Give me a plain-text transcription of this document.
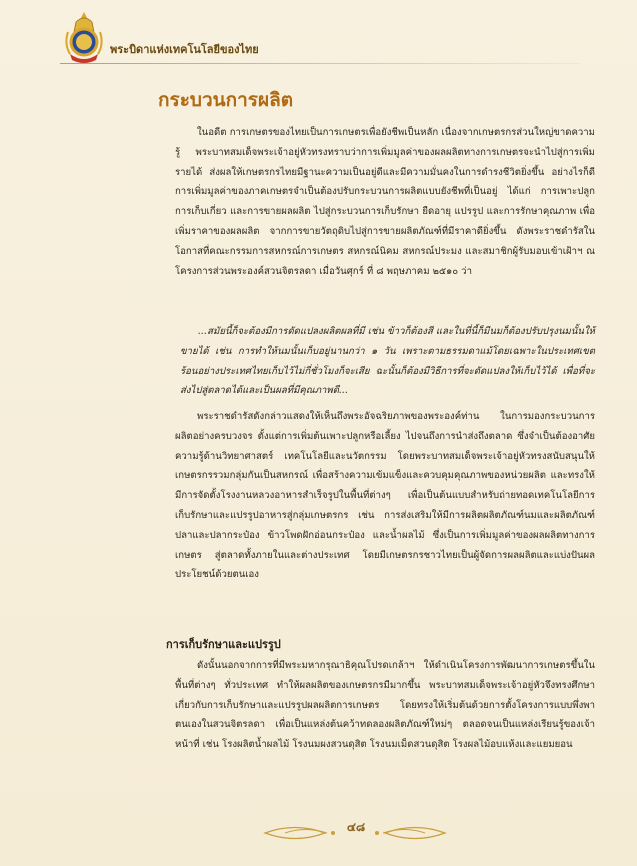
พระบิดาแห่งเทคโนโลยีของไทย
กระบวนการผลิต
ในอดีต การเกษตรของไทยเป็นการเกษตรเพื่อยังชีพเป็นหลัก เนื่องจากเกษตรกรส่วนใหญ่ขาดความรู้ พระบาทสมเด็จพระเจ้าอยู่หัวทรงทราบว่าการเพิ่มมูลค่าของผลผลิตทางการเกษตรจะนำไปสู่การเพิ่มรายได้ ส่งผลให้เกษตรกรไทยมีฐานะความเป็นอยู่ดีและมีความมั่นคงในการดำรงชีวิตยิ่งขึ้น อย่างไรก็ดี การเพิ่มมูลค่าของภาคเกษตรจำเป็นต้องปรับกระบวนการผลิตแบบยังชีพที่เป็นอยู่ ได้แก่ การเพาะปลูก การเก็บเกี่ยว และการขายผลผลิต ไปสู่กระบวนการเก็บรักษา ยืดอายุ แปรรูป และการรักษาคุณภาพ เพื่อเพิ่มราคาของผลผลิต จากการขายวัตถุดิบไปสู่การขายผลิตภัณฑ์ที่มีราคาดียิ่งขึ้น ดังพระราชดำรัสในโอกาสที่คณะกรรมการสหกรณ์การเกษตร สหกรณ์นิคม สหกรณ์ประมง และสมาชิกผู้รับมอบเข้าเฝ้าฯ ณ โครงการส่วนพระองค์สวนจิตรลดา เมื่อวันศุกร์ ที่ ๘ พฤษภาคม ๒๕๑๐ ว่า
...สมัยนี้ก็จะต้องมีการดัดแปลงผลิตผลที่มี เช่น ข้าวก็ต้องสี และในที่นี้ก็มีนมก็ต้องปรับปรุงนมนั้นให้ขายได้ เช่น การทำให้นมนั้นเก็บอยู่นานกว่า ๑ วัน เพราะตามธรรมดาแม้โดยเฉพาะในประเทศเขตร้อนอย่างประเทศไทยเก็บไว้ไม่กี่ชั่วโมงก็จะเสีย ฉะนั้นก็ต้องมีวิธีการที่จะดัดแปลงให้เก็บไว้ได้ เพื่อที่จะส่งไปสู่ตลาดได้และเป็นผลที่มีคุณภาพดี...
พระราชดำรัสดังกล่าวแสดงให้เห็นถึงพระอัจฉริยภาพของพระองค์ท่าน ในการมองกระบวนการผลิตอย่างครบวงจร ตั้งแต่การเพิ่มต้นเพาะปลูกหรือเลี้ยง ไปจนถึงการนำส่งถึงตลาด ซึ่งจำเป็นต้องอาศัยความรู้ด้านวิทยาศาสตร์ เทคโนโลยีและนวัตกรรม โดยพระบาทสมเด็จพระเจ้าอยู่หัวทรงสนับสนุนให้เกษตรกรรวมกลุ่มกันเป็นสหกรณ์ เพื่อสร้างความเข้มแข็งและควบคุมคุณภาพของหน่วยผลิต และทรงให้มีการจัดตั้งโรงงานหลวงอาหารสำเร็จรูปในพื้นที่ต่างๆ เพื่อเป็นต้นแบบสำหรับถ่ายทอดเทคโนโลยีการเก็บรักษาและแปรรูปอาหารสู่กลุ่มเกษตรกร เช่น การส่งเสริมให้มีการผลิตผลิตภัณฑ์นมและผลิตภัณฑ์ปลาและปลากระป๋อง ข้าวโพดฝักอ่อนกระป๋อง และน้ำผลไม้ ซึ่งเป็นการเพิ่มมูลค่าของผลผลิตทางการเกษตร สู่ตลาดทั้งภายในและต่างประเทศ โดยมีเกษตรกรชาวไทยเป็นผู้จัดการผลผลิตและแบ่งปันผลประโยชน์ด้วยตนเอง
การเก็บรักษาและแปรรูป
ดังนั้นนอกจากการที่มีพระมหากรุณาธิคุณโปรดเกล้าฯ ให้ดำเนินโครงการพัฒนาการเกษตรขึ้นในพื้นที่ต่างๆ ทั่วประเทศ ทำให้ผลผลิตของเกษตรกรมีมากขึ้น พระบาทสมเด็จพระเจ้าอยู่หัวจึงทรงศึกษาเกี่ยวกับการเก็บรักษาและแปรรูปผลผลิตการเกษตร โดยทรงให้เริ่มต้นด้วยการตั้งโครงการแบบพึ่งพาตนเองในสวนจิตรลดา เพื่อเป็นแหล่งต้นคว้าทดลองผลิตภัณฑ์ใหม่ๆ ตลอดจนเป็นแหล่งเรียนรู้ของเจ้าหน้าที่ เช่น โรงผลิตน้ำผลไม้ โรงนมผงสวนดุสิต โรงนมเม็ดสวนดุสิต โรงผลไม้อบแห้งและแยมยอน
๔๘
